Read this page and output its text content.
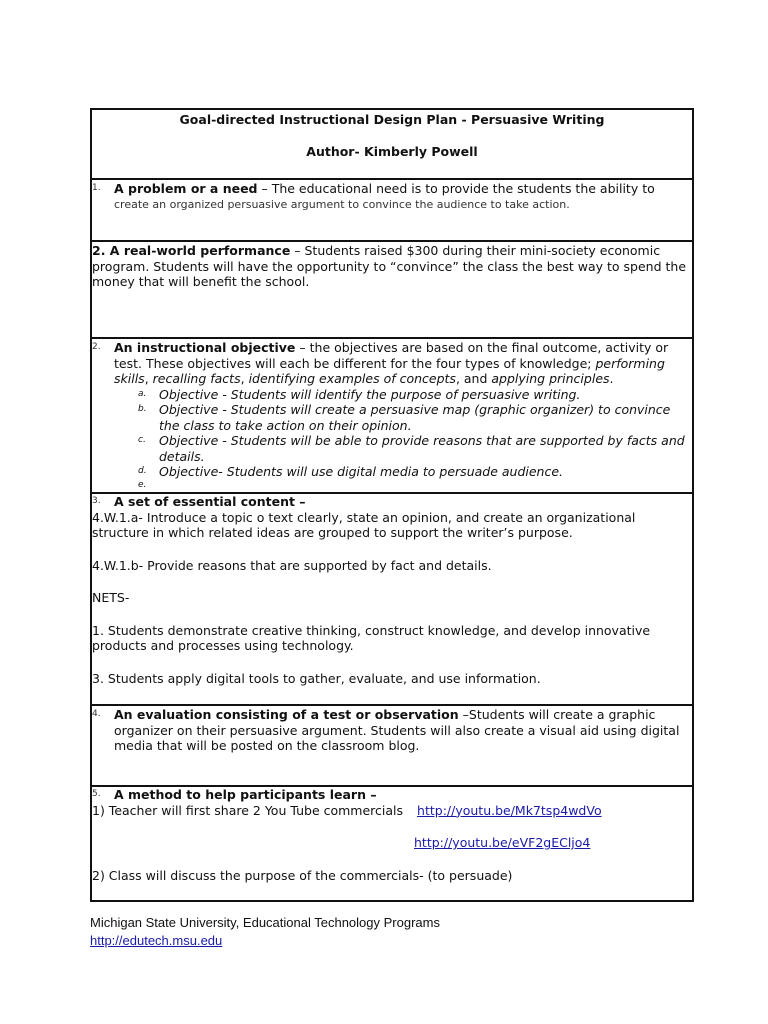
Goal-directed Instructional Design Plan - Persuasive Writing
Author- Kimberly Powell
1.	A problem or a need – The educational need is to provide the students the ability to
create an organized persuasive argument to convince the audience to take action.
2. A real-world performance – Students raised $300 during their mini-society economic
program. Students will have the opportunity to “convince” the class the best way to spend the
money that will benefit the school.
2.	An instructional objective – the objectives are based on the final outcome, activity or
test. These objectives will each be different for the four types of knowledge; performing
skills, recalling facts, identifying examples of concepts, and applying principles.
a. Objective - Students will identify the purpose of persuasive writing.
b. Objective - Students will create a persuasive map (graphic organizer) to convince
the class to take action on their opinion.
c. Objective - Students will be able to provide reasons that are supported by facts and
details.
d. Objective- Students will use digital media to persuade audience.
e.
3.	A set of essential content –
4.W.1.a- Introduce a topic o text clearly, state an opinion, and create an organizational
structure in which related ideas are grouped to support the writer’s purpose.
4.W.1.b- Provide reasons that are supported by fact and details.
NETS-
1. Students demonstrate creative thinking, construct knowledge, and develop innovative
products and processes using technology.
3. Students apply digital tools to gather, evaluate, and use information.
4.	An evaluation consisting of a test or observation –Students will create a graphic
organizer on their persuasive argument. Students will also create a visual aid using digital
media that will be posted on the classroom blog.
5.	A method to help participants learn –
1) Teacher will first share 2 You Tube commercials http://youtu.be/Mk7tsp4wdVo
http://youtu.be/eVF2gECljo4
2) Class will discuss the purpose of the commercials- (to persuade)
Michigan State University, Educational Technology Programs
http://edutech.msu.edu
